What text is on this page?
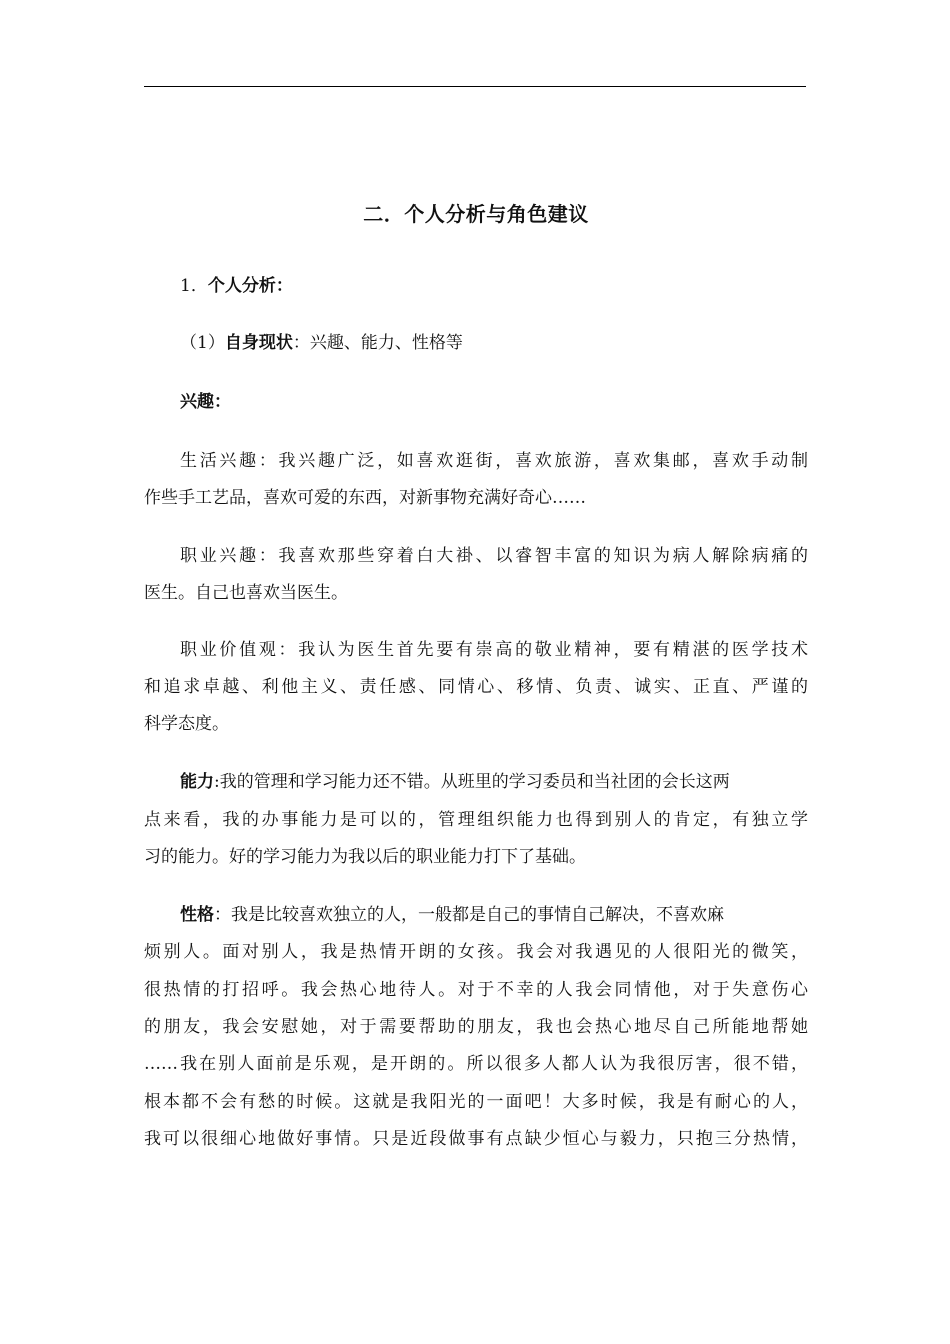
二．个人分析与角色建议
1．个人分析：
（1）自身现状：兴趣、能力、性格等
兴趣：
生活兴趣：我兴趣广泛，如喜欢逛街，喜欢旅游，喜欢集邮，喜欢手动制
作些手工艺品，喜欢可爱的东西，对新事物充满好奇心……
职业兴趣：我喜欢那些穿着白大褂、以睿智丰富的知识为病人解除病痛的
医生。自己也喜欢当医生。
职业价值观：我认为医生首先要有崇高的敬业精神，要有精湛的医学技术
和追求卓越、利他主义、责任感、同情心、移情、负责、诚实、正直、严谨的
科学态度。
能力:我的管理和学习能力还不错。从班里的学习委员和当社团的会长这两
点来看，我的办事能力是可以的，管理组织能力也得到别人的肯定，有独立学
习的能力。好的学习能力为我以后的职业能力打下了基础。
性格：我是比较喜欢独立的人，一般都是自己的事情自己解决，不喜欢麻
烦别人。面对别人，我是热情开朗的女孩。我会对我遇见的人很阳光的微笑，
很热情的打招呼。我会热心地待人。对于不幸的人我会同情他，对于失意伤心
的朋友，我会安慰她，对于需要帮助的朋友，我也会热心地尽自己所能地帮她
……我在别人面前是乐观，是开朗的。所以很多人都人认为我很厉害，很不错，
根本都不会有愁的时候。这就是我阳光的一面吧！大多时候，我是有耐心的人，
我可以很细心地做好事情。只是近段做事有点缺少恒心与毅力，只抱三分热情，
